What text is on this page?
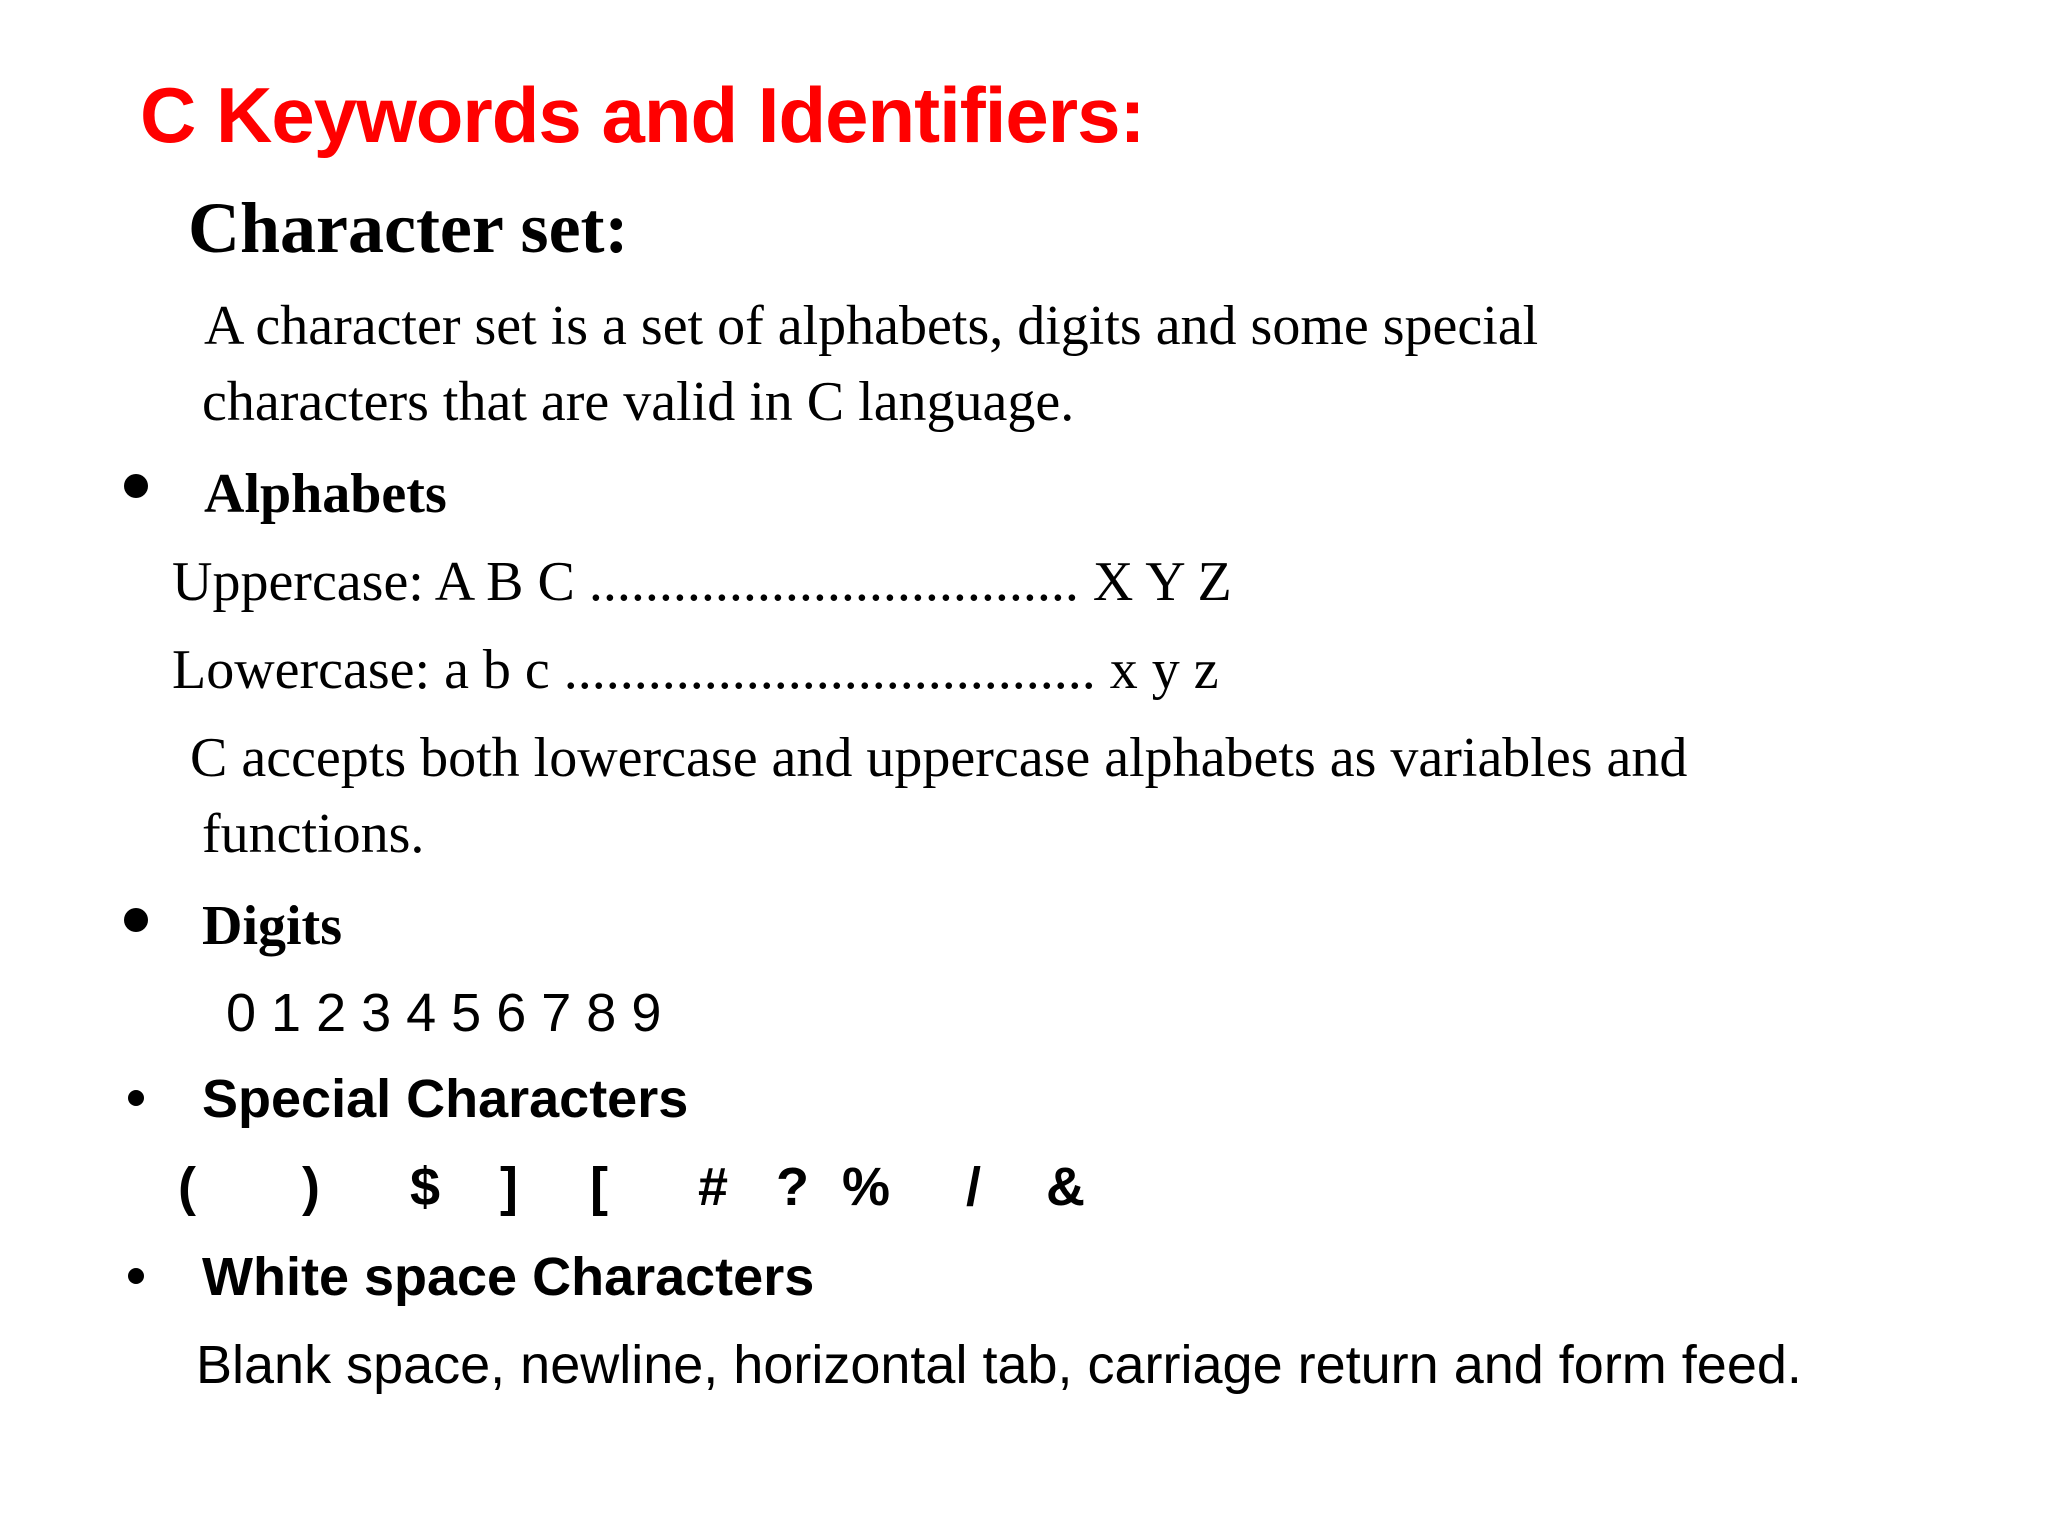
C Keywords and Identifiers:
Character set:
A character set is a set of alphabets, digits and some special
characters that are valid in C language.
Alphabets
Uppercase: A B C ................................... X Y Z
Lowercase: a b c ...................................... x y z
C accepts both lowercase and uppercase alphabets as variables and
functions.
Digits
0 1 2 3 4 5 6 7 8 9
Special Characters
( ) $ ] [ # ? % / &
White space Characters
Blank space, newline, horizontal tab, carriage return and form feed.
